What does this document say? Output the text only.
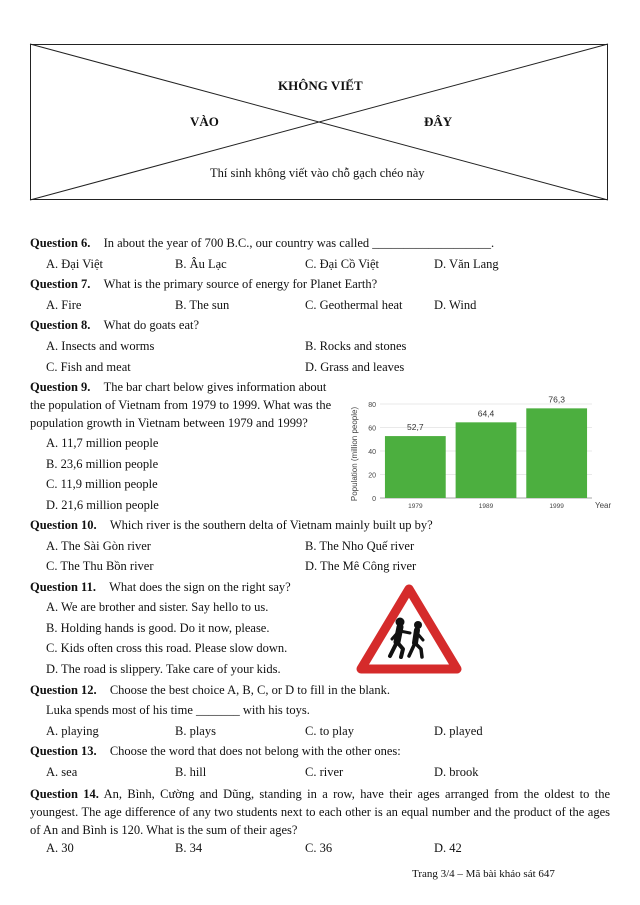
KHÔNG VIẾT
VÀO	ĐÂY
Thí sinh không viết vào chỗ gạch chéo này
Question 6. In about the year of 700 B.C., our country was called ___________________.
A. Đại Việt	B. Âu Lạc	C. Đại Cồ Việt	D. Văn Lang
Question 7. What is the primary source of energy for Planet Earth?
A. Fire	B. The sun	C. Geothermal heat	D. Wind
Question 8. What do goats eat?
A. Insects and worms	B. Rocks and stones
C. Fish and meat	D. Grass and leaves
Question 9. The bar chart below gives information about
the population of Vietnam from 1979 to 1999. What was the
population growth in Vietnam between 1979 and 1999?
A. 11,7 million people
B. 23,6 million people
C. 11,9 million people
D. 21,6 million people
Population (million people) 0
20
40
60
80
52,7
1979
64,4
1989
76,3
1999	Year
Question 10. Which river is the southern delta of Vietnam mainly built up by?
A. The Sài Gòn river	B. The Nho Quế river
C. The Thu Bồn river	D. The Mê Công river
Question 11. What does the sign on the right say?
A. We are brother and sister. Say hello to us.
B. Holding hands is good. Do it now, please.
C. Kids often cross this road. Please slow down.
D. The road is slippery. Take care of your kids.
Question 12. Choose the best choice A, B, C, or D to fill in the blank.
Luka spends most of his time _______ with his toys.
A. playing	B. plays	C. to play	D. played
Question 13. Choose the word that does not belong with the other ones:
A. sea	B. hill	C. river	D. brook
Question 14. An, Bình, Cường and Dũng, standing in a row, have their ages arranged from the oldest to the youngest. The age difference of any two students next to each other is an equal number and the product of the ages of An and Bình is 120. What is the sum of their ages?
A. 30	B. 34	C. 36	D. 42
Trang 3/4 – Mã bài khảo sát 647
